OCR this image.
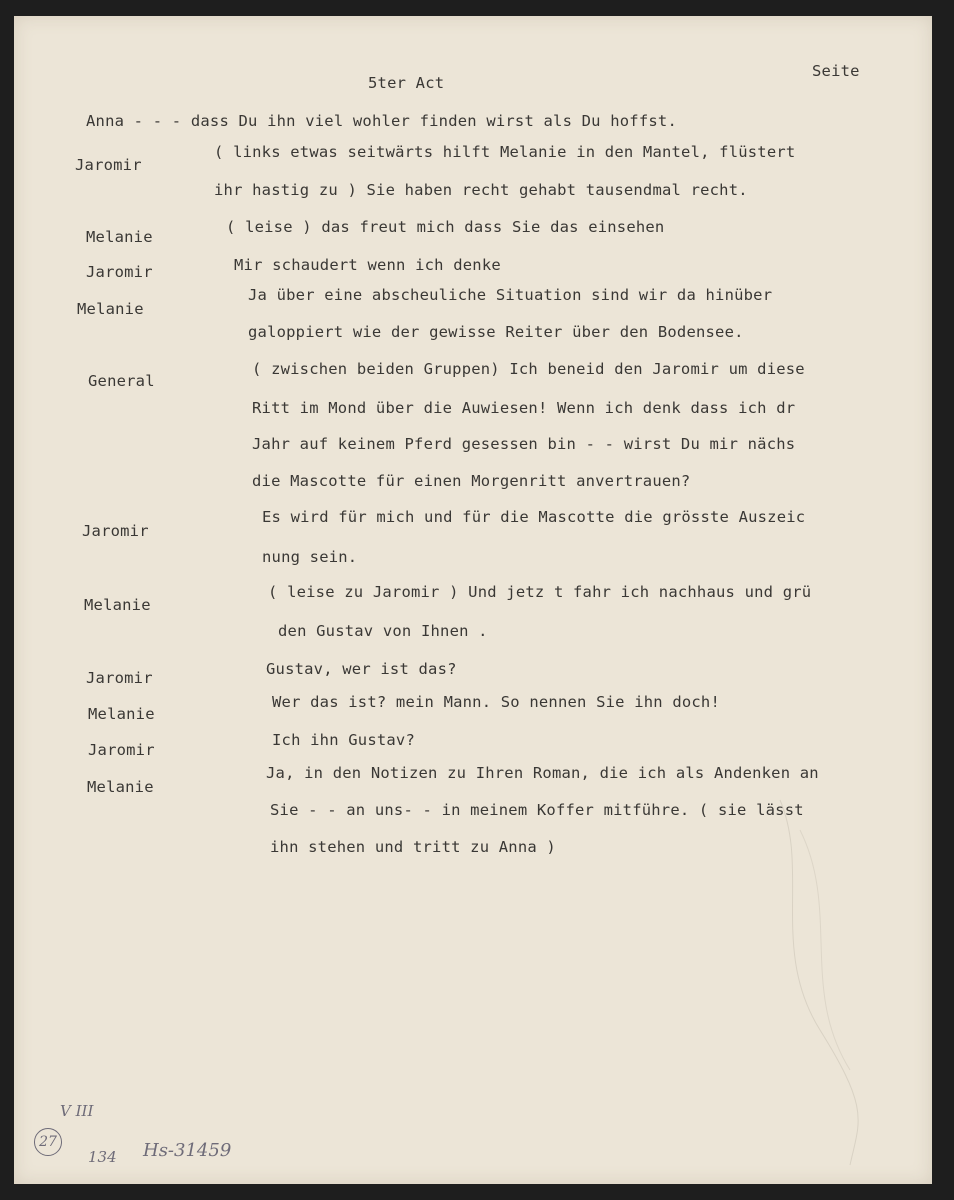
5ter Act
Seite
Jaromir
Melanie
Jaromir
Melanie
General
Jaromir
Melanie
Jaromir
Melanie
Jaromir
Melanie
Anna - - - dass Du ihn viel wohler finden wirst als Du hoffst.
( links etwas seitwärts hilft Melanie in den Mantel, flüstert
ihr hastig zu ) Sie haben recht gehabt tausendmal recht.
( leise ) das freut mich dass Sie das einsehen
Mir schaudert wenn ich denke
Ja über eine abscheuliche Situation sind wir da hinüber
galoppiert wie der gewisse Reiter über den Bodensee.
( zwischen beiden Gruppen) Ich beneid den Jaromir um diese
Ritt im Mond über die Auwiesen! Wenn ich denk dass ich dr
Jahr auf keinem Pferd gesessen bin - - wirst Du mir nächs
die Mascotte für einen Morgenritt anvertrauen?
Es wird für mich und für die Mascotte die grösste Auszeic
nung sein.
( leise zu Jaromir ) Und jetz t fahr ich nachhaus und grü
den Gustav von Ihnen .
Gustav, wer ist das?
Wer das ist? mein Mann. So nennen Sie ihn doch!
Ich ihn Gustav?
Ja, in den Notizen zu Ihren Roman, die ich als Andenken an
Sie - - an uns- - in meinem Koffer mitführe. ( sie lässt
ihn stehen und tritt zu Anna )
V III
27
134 Hs-31459
